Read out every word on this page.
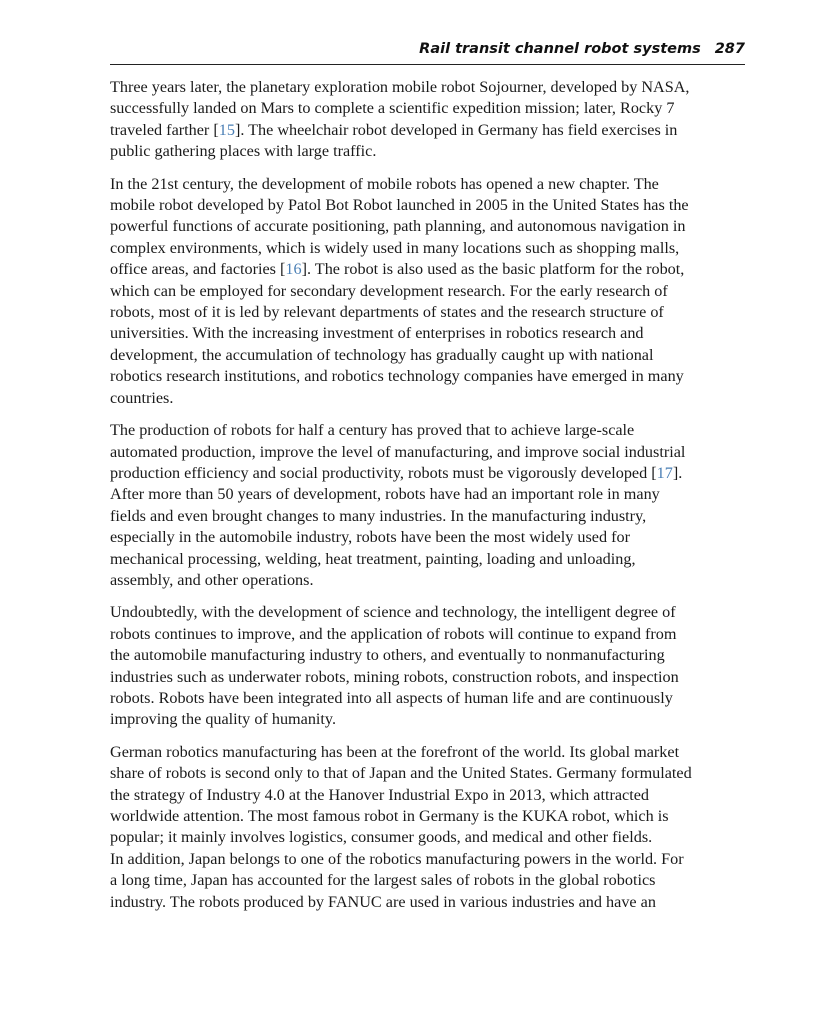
Rail transit channel robot systems 287

Three years later, the planetary exploration mobile robot Sojourner, developed by NASA,
successfully landed on Mars to complete a scientific expedition mission; later, Rocky 7
traveled farther [15]. The wheelchair robot developed in Germany has field exercises in
public gathering places with large traffic.

In the 21st century, the development of mobile robots has opened a new chapter. The
mobile robot developed by Patol Bot Robot launched in 2005 in the United States has the
powerful functions of accurate positioning, path planning, and autonomous navigation in
complex environments, which is widely used in many locations such as shopping malls,
office areas, and factories [16]. The robot is also used as the basic platform for the robot,
which can be employed for secondary development research. For the early research of
robots, most of it is led by relevant departments of states and the research structure of
universities. With the increasing investment of enterprises in robotics research and
development, the accumulation of technology has gradually caught up with national
robotics research institutions, and robotics technology companies have emerged in many
countries.

The production of robots for half a century has proved that to achieve large-scale
automated production, improve the level of manufacturing, and improve social industrial
production efficiency and social productivity, robots must be vigorously developed [17].
After more than 50 years of development, robots have had an important role in many
fields and even brought changes to many industries. In the manufacturing industry,
especially in the automobile industry, robots have been the most widely used for
mechanical processing, welding, heat treatment, painting, loading and unloading,
assembly, and other operations.

Undoubtedly, with the development of science and technology, the intelligent degree of
robots continues to improve, and the application of robots will continue to expand from
the automobile manufacturing industry to others, and eventually to nonmanufacturing
industries such as underwater robots, mining robots, construction robots, and inspection
robots. Robots have been integrated into all aspects of human life and are continuously
improving the quality of humanity.

German robotics manufacturing has been at the forefront of the world. Its global market
share of robots is second only to that of Japan and the United States. Germany formulated
the strategy of Industry 4.0 at the Hanover Industrial Expo in 2013, which attracted
worldwide attention. The most famous robot in Germany is the KUKA robot, which is
popular; it mainly involves logistics, consumer goods, and medical and other fields.
In addition, Japan belongs to one of the robotics manufacturing powers in the world. For
a long time, Japan has accounted for the largest sales of robots in the global robotics
industry. The robots produced by FANUC are used in various industries and have an
